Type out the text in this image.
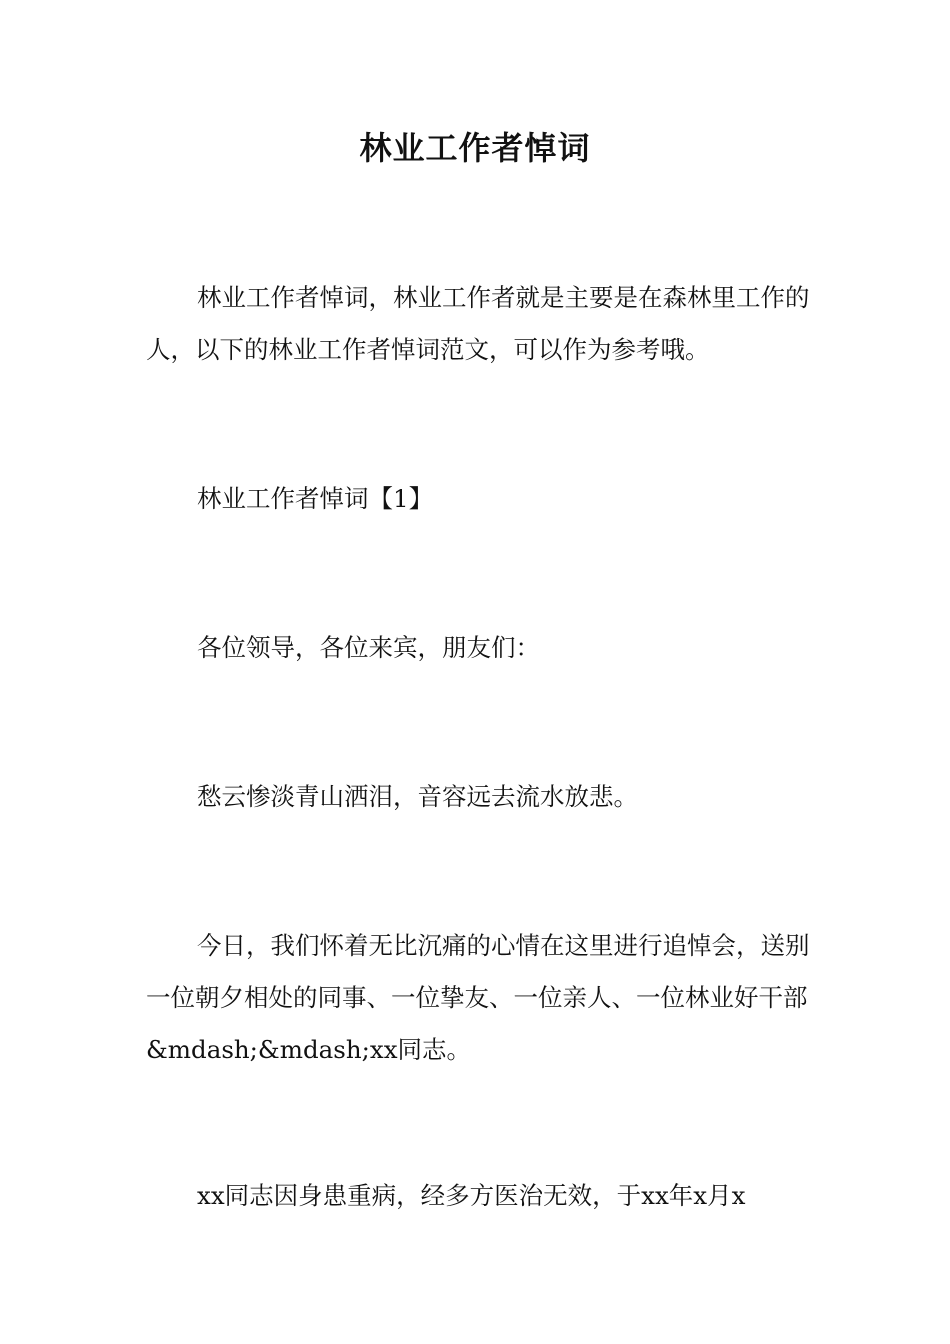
林业工作者悼词
林业工作者悼词，林业工作者就是主要是在森林里工作的人，以下的林业工作者悼词范文，可以作为参考哦。
林业工作者悼词【1】
各位领导，各位来宾，朋友们：
愁云惨淡青山洒泪，音容远去流水放悲。
今日，我们怀着无比沉痛的心情在这里进行追悼会，送别一位朝夕相处的同事、一位挚友、一位亲人、一位林业好干部&mdash;&mdash;xx同志。
xx同志因身患重病，经多方医治无效，于xx年x月x
